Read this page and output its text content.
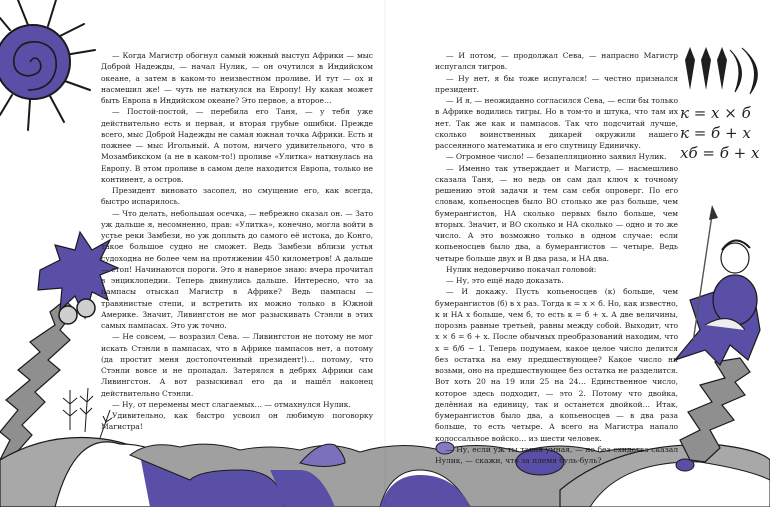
к = x × б
к = б + x
xб = б + x

— Когда Магистр обогнул самый южный выступ Африки — мыс Доброй Надежды, — начал Нулик, — он очутился в Индийском океане, а затем в каком-то неизвестном проливе. И тут — ох и насмешил же! — чуть не наткнулся на Европу! Ну какая может быть Европа в Индийском океане? Это первое, а второе…

— Постой-постой, — перебила его Таня, — у тебя уже действительно есть и первая, и вторая грубые ошибки. Прежде всего, мыс Доброй Надежды не самая южная точка Африки. Есть и пожнее — мыс Игольный. А потом, ничего удивительного, что в Мозамбикском (а не в каком-то!) проливе «Улитка» наткнулась на Европу. В этом проливе в самом деле находится Европа, только не континент, а остров.

Президент виновато засопел, но смущение его, как всегда, быстро испарилось.

— Что делать, небольшая осечка, — небрежно сказал он. — Зато уж дальше я, несомненно, прав: «Улитка», конечно, могла войти в устье реки Замбези, но уж доплыть до самого её истока, до Конго, такое большое судно не сможет. Ведь Замбези вблизи устья судоходна не более чем на протяжении 450 километров! А дальше — стоп! Начинаются пороги. Это я наверное знаю: вчера прочитал в энциклопедии. Теперь двинулись дальше. Интересно, что за пампасы отыскал Магистр в Африке? Ведь пампасы — травянистые степи, и встретить их можно только в Южной Америке. Значит, Ливингстон не мог разыскивать Стэнли в этих самых пампасах. Это уж точно.

— Не совсем, — возразил Сева. — Ливингстон не потому не мог искать Стэнли в пампасах, что в Африке пампасов нет, а потому (да простит меня достопочтенный президент!)… потому, что Стэнли вовсе и не пропадал. Затерялся в дебрях Африки сам Ливингстон. А вот разыскивал его да и нашёл наконец действительно Стэнли.

— Ну, от перемены мест слагаемых… — отмахнулся Нулик.

Удивительно, как быстро усвоил он любимую поговорку Магистра!

— И потом, — продолжал Сева, — напрасно Магистр испугался тигров.

— Ну нет, я бы тоже испугался! — честно признался президент.

— И я, — неожиданно согласился Сева, — если бы только в Африке водились тигры. Но в том-то и штука, что там их нет. Так же как и пампасов. Так что подсчитай лучше, сколько воинственных дикарей окружили нашего рассеянного математика и его спутницу Единичку.

— Огромное число! — безапелляционно заявил Нулик.

— Именно так утверждает и Магистр, — насмешливо сказала Таня, — но ведь он сам дал ключ к точному решению этой задачи и тем сам себя опроверг. По его словам, копьеносцев было ВО столько же раз больше, чем бумерангистов, НА сколько первых было больше, чем вторых. Значит, и ВО сколько и НА сколько — одно и то же число. А это возможно только в одном случае: если копьеносцев было два, а бумерангистов — четыре. Ведь четыре больше двух и В два раза, и НА два.

Нулик недоверчиво покачал головой:

— Ну, это ещё надо доказать.

— И докажу. Пусть копьеносцев (к) больше, чем бумерангистов (б) в x раз. Тогда к = x × б. Но, как известно, к и НА x больше, чем б, то есть к = б + x. А две величины, порознь равные третьей, равны между собой. Выходит, что x × б = б + x. После обычных преобразований находим, что x = б/б − 1. Теперь подумаем, какое целое число делится без остатка на ему предшествующее? Какое число ни возьми, оно на предшествующее без остатка не разделится. Вот хоть 20 на 19 или 25 на 24… Единственное число, которое здесь подходит, — это 2. Потому что двойка, делённая на единицу, так и останется двойкой… Итак, бумерангистов было два, а копьеносцев — в два раза больше, то есть четыре. А всего на Магистра напало колоссальное войско… из шести человек.

— Ну, если уж ты такая умная, — не без ехидства сказал Нулик, — скажи, что за племя буль-буль?
